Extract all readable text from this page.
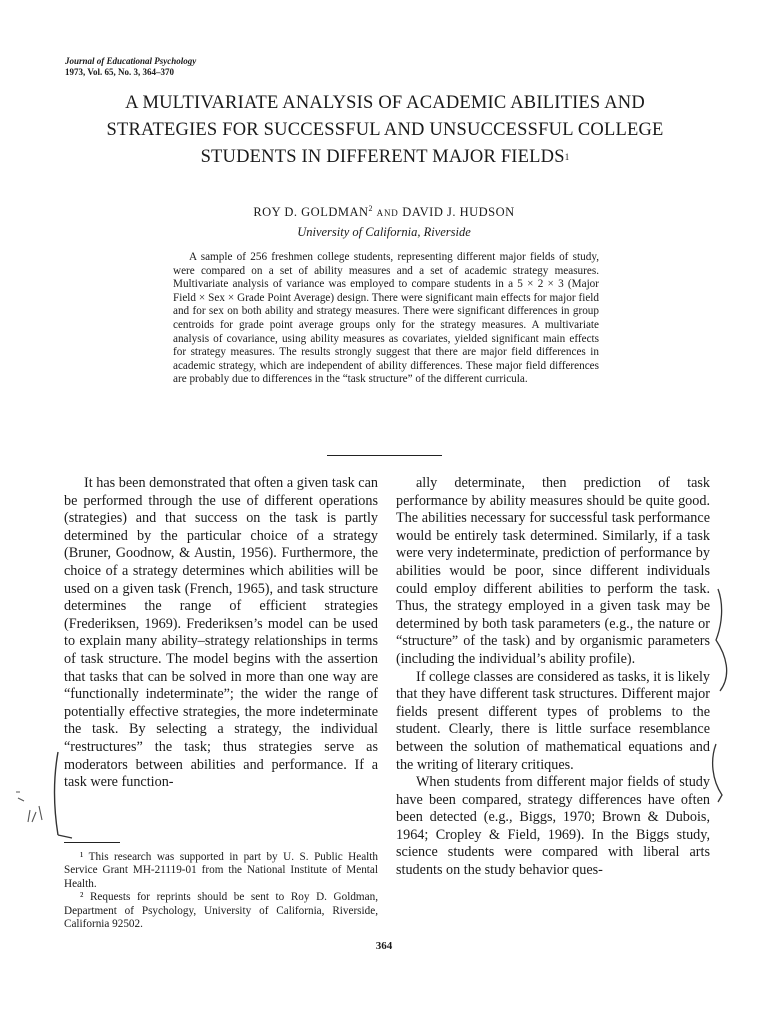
Journal of Educational Psychology
1973, Vol. 65, No. 3, 364–370
A MULTIVARIATE ANALYSIS OF ACADEMIC ABILITIES AND
STRATEGIES FOR SUCCESSFUL AND UNSUCCESSFUL COLLEGE
STUDENTS IN DIFFERENT MAJOR FIELDS$^1$
ROY D. GOLDMAN$^2$ AND DAVID J. HUDSON
University of California, Riverside

A sample of 256 freshmen college students, representing different major fields of study, were compared on a set of ability measures and a set of academic strategy measures. Multivariate analysis of variance was employed to compare students in a 5 × 2 × 3 (Major Field × Sex × Grade Point Average) design. There were significant main effects for major field and for sex on both ability and strategy measures. There were significant differences in group centroids for grade point average groups only for the strategy measures. A multivariate analysis of covariance, using ability measures as covariates, yielded significant main effects for strategy measures. The results strongly suggest that there are major field differences in academic strategy, which are independent of ability differences. These major field differences are probably due to differences in the “task structure” of the different curricula.

It has been demonstrated that often a given task can be performed through the use of different operations (strategies) and that success on the task is partly determined by the particular choice of a strategy (Bruner, Goodnow, & Austin, 1956). Furthermore, the choice of a strategy determines which abilities will be used on a given task (French, 1965), and task structure determines the range of efficient strategies (Frederiksen, 1969). Frederiksen’s model can be used to explain many ability–strategy relationships in terms of task structure. The model begins with the assertion that tasks that can be solved in more than one way are “functionally indeterminate”; the wider the range of potentially effective strategies, the more indeterminate the task. By selecting a strategy, the individual “restructures” the task; thus strategies serve as moderators between abilities and performance. If a task were function-

ally determinate, then prediction of task performance by ability measures should be quite good. The abilities necessary for successful task performance would be entirely task determined. Similarly, if a task were very indeterminate, prediction of performance by abilities would be poor, since different individuals could employ different abilities to perform the task. Thus, the strategy employed in a given task may be determined by both task parameters (e.g., the nature or “structure” of the task) and by organismic parameters (including the individual’s ability profile).

If college classes are considered as tasks, it is likely that they have different task structures. Different major fields present different types of problems to the student. Clearly, there is little surface resemblance between the solution of mathematical equations and the writing of literary critiques.

When students from different major fields of study have been compared, strategy differences have often been detected (e.g., Biggs, 1970; Brown & Dubois, 1964; Cropley & Field, 1969). In the Biggs study, science students were compared with liberal arts students on the study behavior ques-

¹ This research was supported in part by U. S. Public Health Service Grant MH-21119-01 from the National Institute of Mental Health.

² Requests for reprints should be sent to Roy D. Goldman, Department of Psychology, University of California, Riverside, California 92502.

364
